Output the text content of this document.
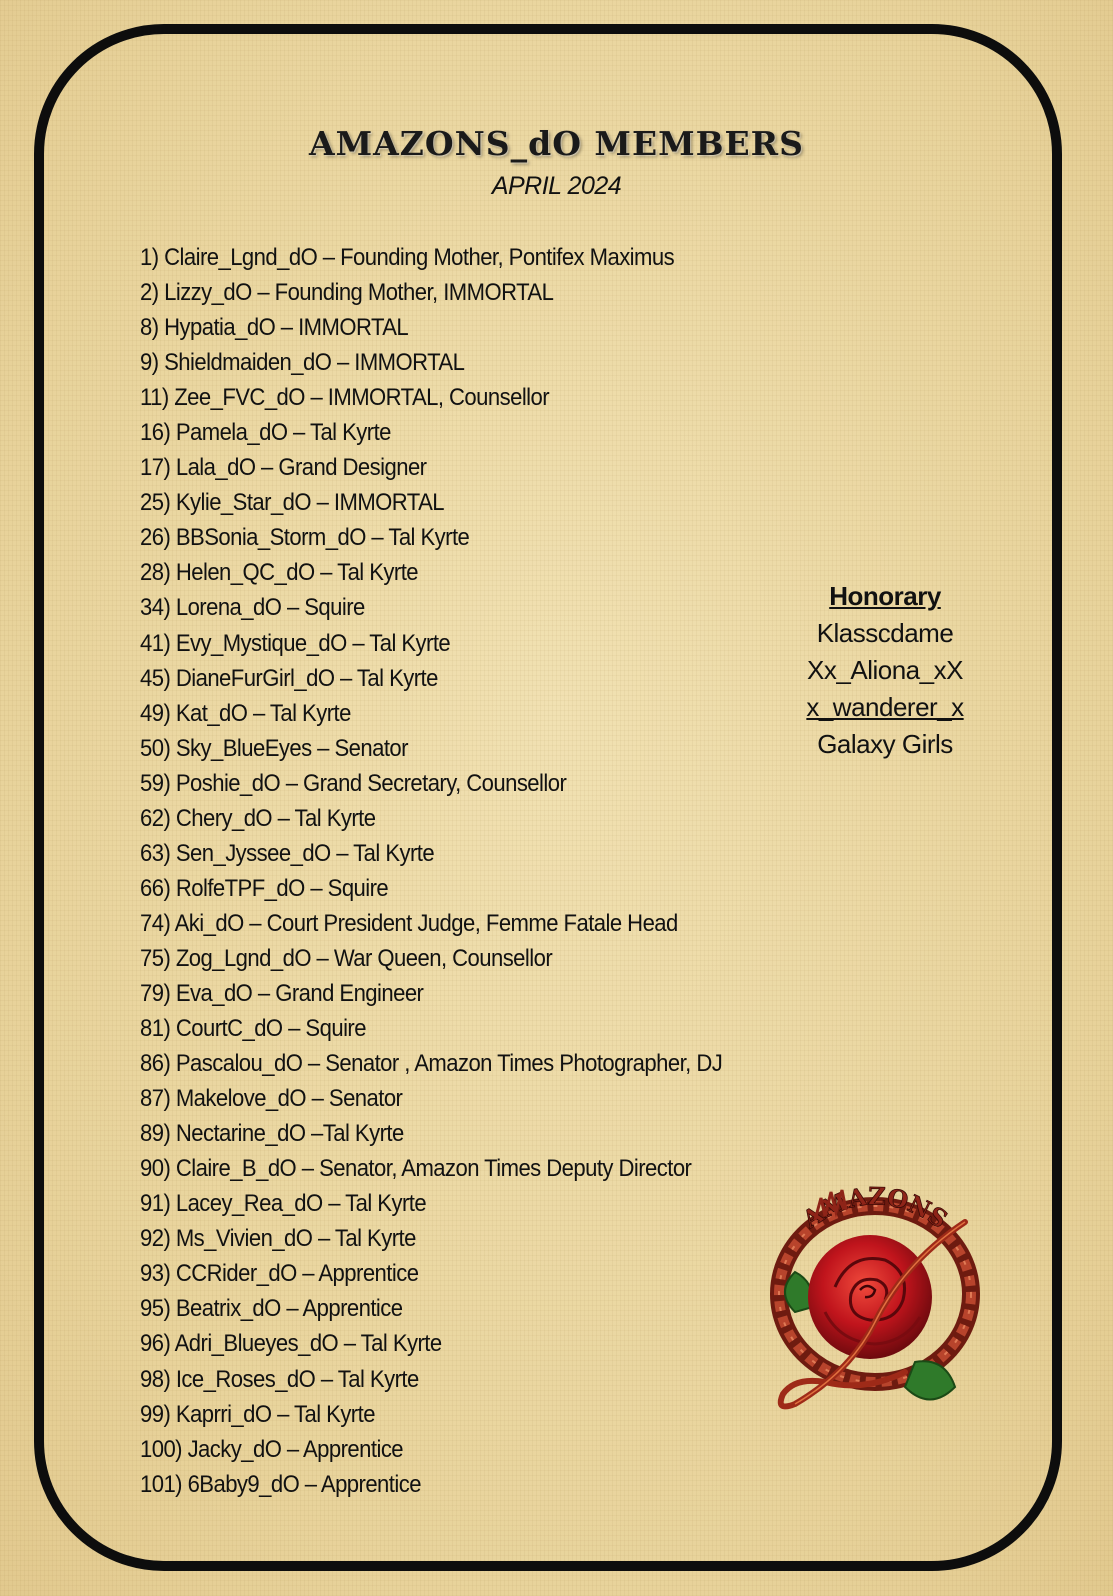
AMAZONS_dO MEMBERS
APRIL 2024
1) Claire_Lgnd_dO – Founding Mother, Pontifex Maximus
2) Lizzy_dO – Founding Mother, IMMORTAL
8) Hypatia_dO – IMMORTAL
9) Shieldmaiden_dO – IMMORTAL
11) Zee_FVC_dO – IMMORTAL, Counsellor
16) Pamela_dO – Tal Kyrte
17) Lala_dO – Grand Designer
25) Kylie_Star_dO – IMMORTAL
26) BBSonia_Storm_dO – Tal Kyrte
28) Helen_QC_dO – Tal Kyrte
34) Lorena_dO – Squire
41) Evy_Mystique_dO – Tal Kyrte
45) DianeFurGirl_dO – Tal Kyrte
49) Kat_dO – Tal Kyrte
50) Sky_BlueEyes – Senator
59) Poshie_dO – Grand Secretary, Counsellor
62) Chery_dO – Tal Kyrte
63) Sen_Jyssee_dO – Tal Kyrte
66) RolfeTPF_dO – Squire
74) Aki_dO – Court President Judge, Femme Fatale Head
75) Zog_Lgnd_dO – War Queen, Counsellor
79) Eva_dO – Grand Engineer
81) CourtC_dO – Squire
86) Pascalou_dO – Senator , Amazon Times Photographer, DJ
87) Makelove_dO – Senator
89) Nectarine_dO –Tal Kyrte
90) Claire_B_dO – Senator, Amazon Times Deputy Director
91) Lacey_Rea_dO – Tal Kyrte
92) Ms_Vivien_dO – Tal Kyrte
93) CCRider_dO – Apprentice
95) Beatrix_dO – Apprentice
96) Adri_Blueyes_dO – Tal Kyrte
98) Ice_Roses_dO – Tal Kyrte
99) Kaprri_dO – Tal Kyrte
100) Jacky_dO – Apprentice
101) 6Baby9_dO – Apprentice
Honorary
Klasscdame
Xx_Aliona_xX
x_wanderer_x
Galaxy Girls
AMAZONS
